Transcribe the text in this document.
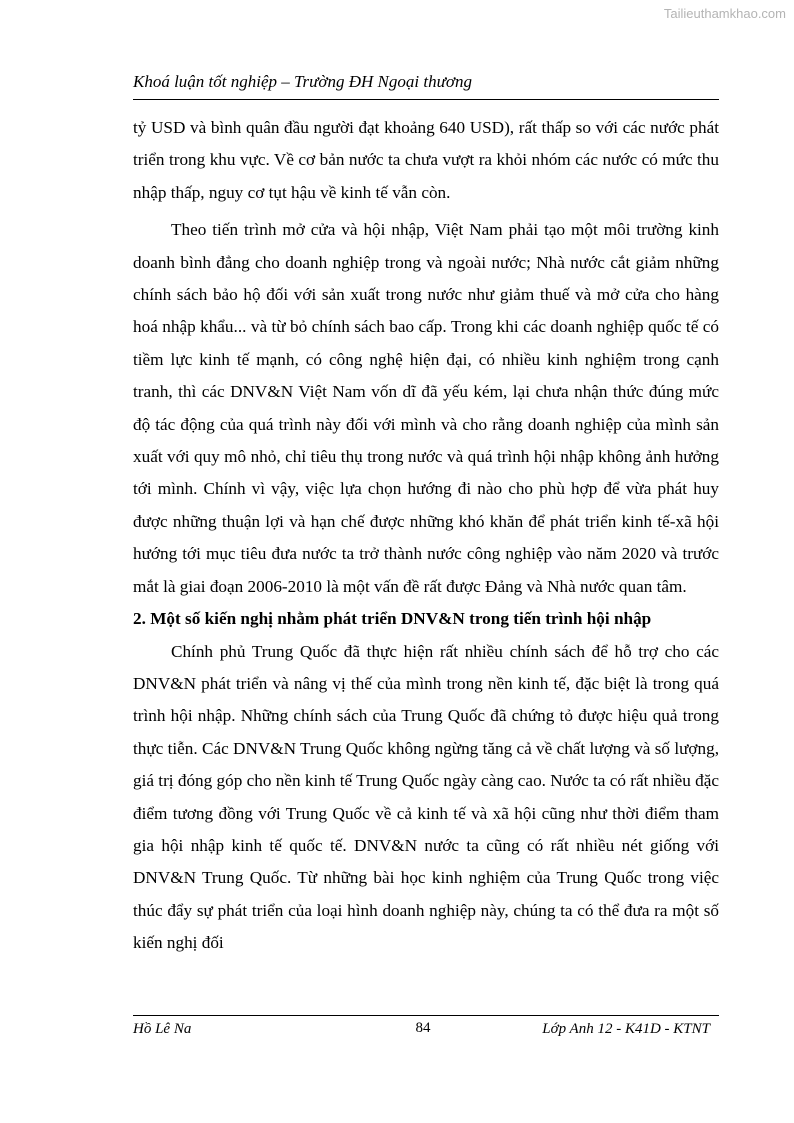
Tailieuthamkhao.com
Khoá luận tốt nghiệp – Trường ĐH Ngoại thương

tỷ USD và bình quân đầu người đạt khoảng 640 USD), rất thấp so với các nước phát triển trong khu vực. Về cơ bản nước ta chưa vượt ra khỏi nhóm các nước có mức thu nhập thấp, nguy cơ tụt hậu về kinh tế vẫn còn.

Theo tiến trình mở cửa và hội nhập, Việt Nam phải tạo một môi trường kinh doanh bình đẳng cho doanh nghiệp trong và ngoài nước; Nhà nước cắt giảm những chính sách bảo hộ đối với sản xuất trong nước như giảm thuế và mở cửa cho hàng hoá nhập khẩu... và từ bỏ chính sách bao cấp. Trong khi các doanh nghiệp quốc tế có tiềm lực kinh tế mạnh, có công nghệ hiện đại, có nhiều kinh nghiệm trong cạnh tranh, thì các DNV&N Việt Nam vốn dĩ đã yếu kém, lại chưa nhận thức đúng mức độ tác động của quá trình này đối với mình và cho rằng doanh nghiệp của mình sản xuất với quy mô nhỏ, chỉ tiêu thụ trong nước và quá trình hội nhập không ảnh hưởng tới mình. Chính vì vậy, việc lựa chọn hướng đi nào cho phù hợp để vừa phát huy được những thuận lợi và hạn chế được những khó khăn để phát triển kinh tế-xã hội hướng tới mục tiêu đưa nước ta trở thành nước công nghiệp vào năm 2020 và trước mắt là giai đoạn 2006-2010 là một vấn đề rất được Đảng và Nhà nước quan tâm.

2. Một số kiến nghị nhằm phát triển DNV&N trong tiến trình hội nhập

Chính phủ Trung Quốc đã thực hiện rất nhiều chính sách để hỗ trợ cho các DNV&N phát triển và nâng vị thế của mình trong nền kinh tế, đặc biệt là trong quá trình hội nhập. Những chính sách của Trung Quốc đã chứng tỏ được hiệu quả trong thực tiễn. Các DNV&N Trung Quốc không ngừng tăng cả về chất lượng và số lượng, giá trị đóng góp cho nền kinh tế Trung Quốc ngày càng cao. Nước ta có rất nhiều đặc điểm tương đồng với Trung Quốc về cả kinh tế và xã hội cũng như thời điểm tham gia hội nhập kinh tế quốc tế. DNV&N nước ta cũng có rất nhiều nét giống với DNV&N Trung Quốc. Từ những bài học kinh nghiệm của Trung Quốc trong việc thúc đẩy sự phát triển của loại hình doanh nghiệp này, chúng ta có thể đưa ra một số kiến nghị đối

Hồ Lê Na	84	Lớp Anh 12 - K41D - KTNT
